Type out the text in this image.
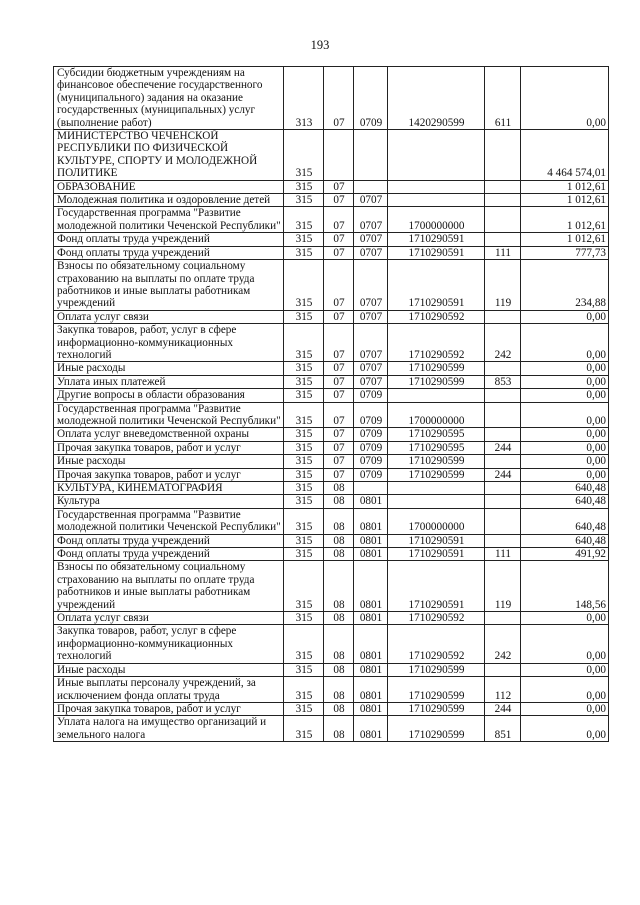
193
Субсидии бюджетным учреждениям на финансовое обеспечение государственного (муниципального) задания на оказание государственных (муниципальных) услуг (выполнение работ)	313	07	0709	1420290599	611	0,00
МИНИСТЕРСТВО ЧЕЧЕНСКОЙ РЕСПУБЛИКИ ПО ФИЗИЧЕСКОЙ КУЛЬТУРЕ, СПОРТУ И МОЛОДЕЖНОЙ ПОЛИТИКЕ	315					4 464 574,01
ОБРАЗОВАНИЕ	315	07				1 012,61
Молодежная политика и оздоровление детей	315	07	0707			1 012,61
Государственная программа "Развитие молодежной политики Чеченской Республики"	315	07	0707	1700000000		1 012,61
Фонд оплаты труда учреждений	315	07	0707	1710290591		1 012,61
Фонд оплаты труда учреждений	315	07	0707	1710290591	111	777,73
Взносы по обязательному социальному страхованию на выплаты по оплате труда работников и иные выплаты работникам учреждений	315	07	0707	1710290591	119	234,88
Оплата услуг связи	315	07	0707	1710290592		0,00
Закупка товаров, работ, услуг в сфере информационно-коммуникационных технологий	315	07	0707	1710290592	242	0,00
Иные расходы	315	07	0707	1710290599		0,00
Уплата иных платежей	315	07	0707	1710290599	853	0,00
Другие вопросы в области образования	315	07	0709			0,00
Государственная программа "Развитие молодежной политики Чеченской Республики"	315	07	0709	1700000000		0,00
Оплата услуг вневедомственной охраны	315	07	0709	1710290595		0,00
Прочая закупка товаров, работ и услуг	315	07	0709	1710290595	244	0,00
Иные расходы	315	07	0709	1710290599		0,00
Прочая закупка товаров, работ и услуг	315	07	0709	1710290599	244	0,00
КУЛЬТУРА, КИНЕМАТОГРАФИЯ	315	08				640,48
Культура	315	08	0801			640,48
Государственная программа "Развитие молодежной политики Чеченской Республики"	315	08	0801	1700000000		640,48
Фонд оплаты труда учреждений	315	08	0801	1710290591		640,48
Фонд оплаты труда учреждений	315	08	0801	1710290591	111	491,92
Взносы по обязательному социальному страхованию на выплаты по оплате труда работников и иные выплаты работникам учреждений	315	08	0801	1710290591	119	148,56
Оплата услуг связи	315	08	0801	1710290592		0,00
Закупка товаров, работ, услуг в сфере информационно-коммуникационных технологий	315	08	0801	1710290592	242	0,00
Иные расходы	315	08	0801	1710290599		0,00
Иные выплаты персоналу учреждений, за исключением фонда оплаты труда	315	08	0801	1710290599	112	0,00
Прочая закупка товаров, работ и услуг	315	08	0801	1710290599	244	0,00
Уплата налога на имущество организаций и земельного налога	315	08	0801	1710290599	851	0,00
